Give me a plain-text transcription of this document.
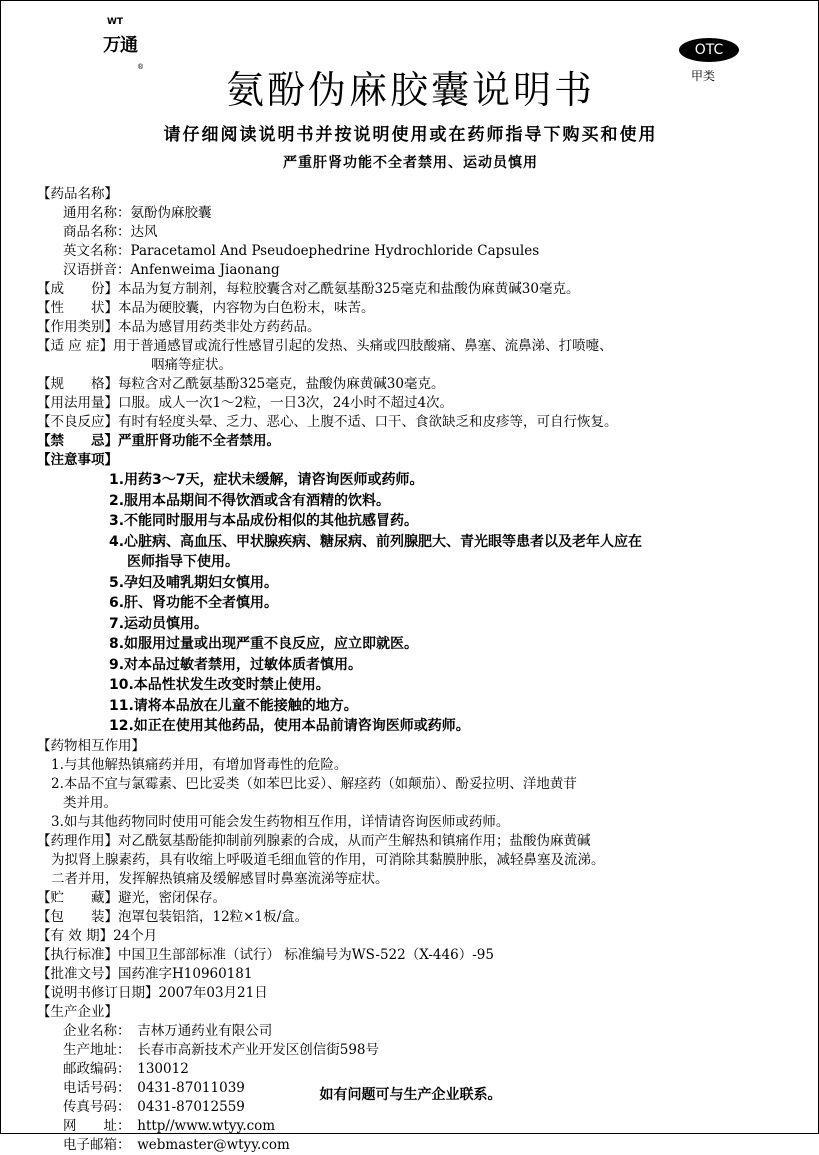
WT
万通
®
氨酚伪麻胶囊说明书
OTC
甲类
请仔细阅读说明书并按说明使用或在药师指导下购买和使用
严重肝肾功能不全者禁用、运动员慎用
【药品名称】
通用名称：氨酚伪麻胶囊
商品名称：达风
英文名称：Paracetamol And Pseudoephedrine Hydrochloride Capsules
汉语拼音：Anfenweima Jiaonang
【成　　份】本品为复方制剂，每粒胶囊含对乙酰氨基酚325毫克和盐酸伪麻黄碱30毫克。
【性　　状】本品为硬胶囊，内容物为白色粉末，味苦。
【作用类别】本品为感冒用药类非处方药药品。
【适 应 症】用于普通感冒或流行性感冒引起的发热、头痛或四肢酸痛、鼻塞、流鼻涕、打喷嚏、
咽痛等症状。
【规　　格】每粒含对乙酰氨基酚325毫克，盐酸伪麻黄碱30毫克。
【用法用量】口服。成人一次1～2粒，一日3次，24小时不超过4次。
【不良反应】有时有轻度头晕、乏力、恶心、上腹不适、口干、食欲缺乏和皮疹等，可自行恢复。
【禁　　忌】严重肝肾功能不全者禁用。
【注意事项】
1.用药3～7天，症状未缓解，请咨询医师或药师。
2.服用本品期间不得饮酒或含有酒精的饮料。
3.不能同时服用与本品成份相似的其他抗感冒药。
4.心脏病、高血压、甲状腺疾病、糖尿病、前列腺肥大、青光眼等患者以及老年人应在
医师指导下使用。
5.孕妇及哺乳期妇女慎用。
6.肝、肾功能不全者慎用。
7.运动员慎用。
8.如服用过量或出现严重不良反应，应立即就医。
9.对本品过敏者禁用，过敏体质者慎用。
10.本品性状发生改变时禁止使用。
11.请将本品放在儿童不能接触的地方。
12.如正在使用其他药品，使用本品前请咨询医师或药师。
【药物相互作用】
1.与其他解热镇痛药并用，有增加肾毒性的危险。
2.本品不宜与氯霉素、巴比妥类（如苯巴比妥）、解痉药（如颠茄）、酚妥拉明、洋地黄苷
类并用。
3.如与其他药物同时使用可能会发生药物相互作用，详情请咨询医师或药师。
【药理作用】对乙酰氨基酚能抑制前列腺素的合成，从而产生解热和镇痛作用；盐酸伪麻黄碱
为拟肾上腺素药，具有收缩上呼吸道毛细血管的作用，可消除其黏膜肿胀，减轻鼻塞及流涕。
二者并用，发挥解热镇痛及缓解感冒时鼻塞流涕等症状。
【贮　　藏】避光，密闭保存。
【包　　装】泡罩包装铝箔，12粒×1板/盒。
【有 效 期】24个月
【执行标准】中国卫生部部标准（试行） 标准编号为WS-522（X-446）-95
【批准文号】国药准字H10960181
【说明书修订日期】2007年03月21日
【生产企业】
企业名称：　吉林万通药业有限公司
生产地址：　长春市高新技术产业开发区创信街598号
邮政编码：　130012
电话号码：　0431-87011039
传真号码：　0431-87012559
网　　址：　http//www.wtyy.com
电子邮箱：　webmaster@wtyy.com
如有问题可与生产企业联系。
